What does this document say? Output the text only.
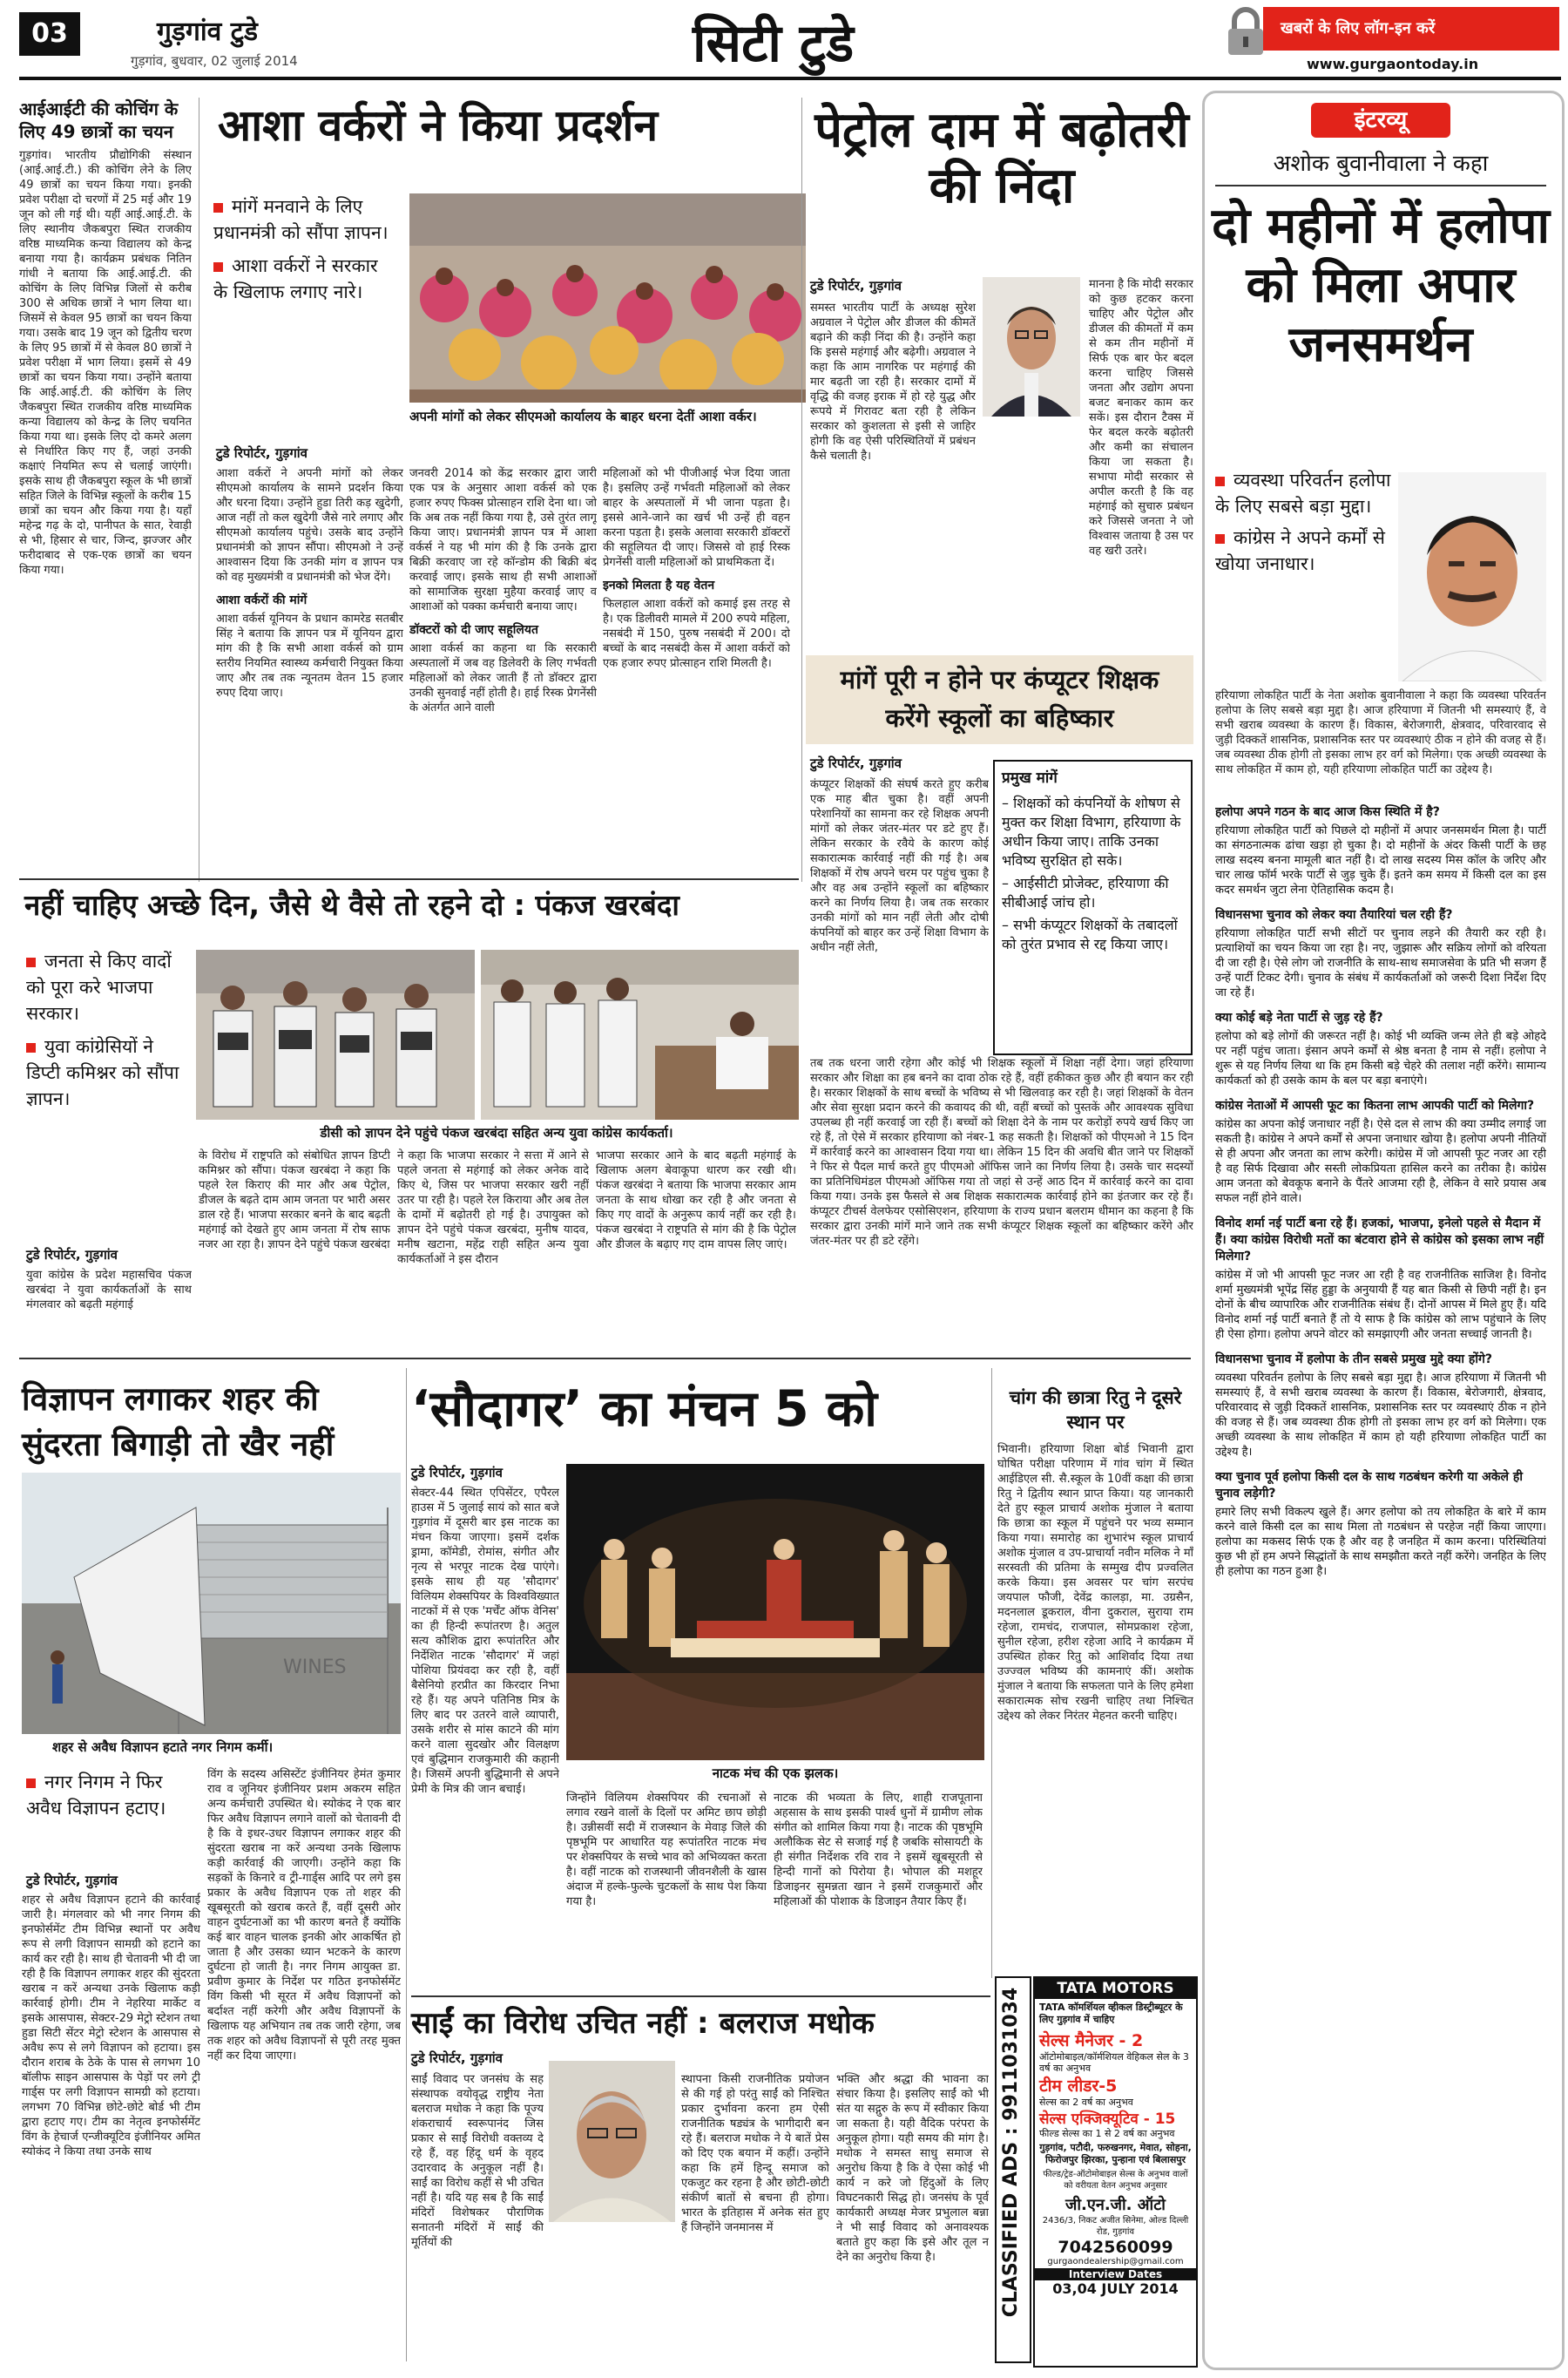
03	गुड़गांव टुडे
गुड़गांव, बुधवार, 02 जुलाई 2014	सिटी टुडे	खबरों के लिए लॉग-इन करें
www.gurgaontoday.in
आईआईटी की कोचिंग के लिए 49 छात्रों का चयन
गुड़गांव। भारतीय प्रौद्योगिकी संस्थान (आई.आई.टी.) की कोचिंग लेने के लिए 49 छात्रों का चयन किया गया। इनकी प्रवेश परीक्षा दो चरणों में 25 मई और 19 जून को ली गई थी। यहीं आई.आई.टी. के लिए स्थानीय जैकबपुरा स्थित राजकीय वरिष्ठ माध्यमिक कन्या विद्यालय को केन्द्र बनाया गया है। कार्यक्रम प्रबंधक नितिन गांधी ने बताया कि आई.आई.टी. की कोचिंग के लिए विभिन्न जिलों से करीब 300 से अधिक छात्रों ने भाग लिया था। जिसमें से केवल 95 छात्रों का चयन किया गया। उसके बाद 19 जून को द्वितीय चरण के लिए 95 छात्रों में से केवल 80 छात्रों ने प्रवेश परीक्षा में भाग लिया। इसमें से 49 छात्रों का चयन किया गया। उन्होंने बताया कि आई.आई.टी. की कोचिंग के लिए जैकबपुरा स्थित राजकीय वरिष्ठ माध्यमिक कन्या विद्यालय को केन्द्र के लिए चयनित किया गया था। इसके लिए दो कमरे अलग से निर्धारित किए गए हैं, जहां उनकी कक्षाएं नियमित रूप से चलाई जाएंगी। इसके साथ ही जैकबपुरा स्कूल के भी छात्रों सहित जिले के विभिन्न स्कूलों के करीब 15 छात्रों का चयन और किया गया है। यहाँ महेन्द्र गढ़ के दो, पानीपत के सात, रेवाड़ी से भी, हिसार से चार, जिन्द, झज्जर और फरीदाबाद से एक-एक छात्रों का चयन किया गया।
आशा वर्करों ने किया प्रदर्शन
मांगें मनवाने के लिए प्रधानमंत्री को सौंपा ज्ञापन।
आशा वर्करों ने सरकार के खिलाफ लगाए नारे।
अपनी मांगों को लेकर सीएमओ कार्यालय के बाहर धरना देतीं आशा वर्कर।
टुडे रिपोर्टर, गुड़गांव
आशा वर्करों ने अपनी मांगों को लेकर सीएमओ कार्यालय के सामने प्रदर्शन किया और धरना दिया। उन्होंने हुडा तिरी कड़ खुदेगी, आज नहीं तो कल खुदेगी जैसे नारे लगाए और सीएमओ कार्यालय पहुंचे। उसके बाद उन्होंने प्रधानमंत्री को ज्ञापन सौंपा। सीएमओ ने उन्हें आश्वासन दिया कि उनकी मांग व ज्ञापन पत्र को वह मुख्यमंत्री व प्रधानमंत्री को भेज देंगे।
आशा वर्करों की मांगें
आशा वर्कर्स यूनियन के प्रधान कामरेड सतबीर सिंह ने बताया कि ज्ञापन पत्र में यूनियन द्वारा मांग की है कि सभी आशा वर्कर्स को ग्राम स्तरीय नियमित स्वास्थ्य कर्मचारी नियुक्त किया जाए और तब तक न्यूनतम वेतन 15 हजार रुपए दिया जाए।
जनवरी 2014 को केंद्र सरकार द्वारा जारी एक पत्र के अनुसार आशा वर्कर्स को एक हजार रुपए फिक्स प्रोत्साहन राशि देना था। जो कि अब तक नहीं किया गया है, उसे तुरंत लागू किया जाए। प्रधानमंत्री ज्ञापन पत्र में आशा वर्कर्स ने यह भी मांग की है कि उनके द्वारा बिक्री करवाए जा रहे कॉन्डोम की बिक्री बंद करवाई जाए। इसके साथ ही सभी आशाओं को सामाजिक सुरक्षा मुहैया करवाई जाए व आशाओं को पक्का कर्मचारी बनाया जाए।
डॉक्टरों को दी जाए सहूलियत
आशा वर्कर्स का कहना था कि सरकारी अस्पतालों में जब वह डिलेवरी के लिए गर्भवती महिलाओं को लेकर जाती हैं तो डॉक्टर द्वारा उनकी सुनवाई नहीं होती है। हाई रिस्क प्रेगनेंसी के अंतर्गत आने वाली
महिलाओं को भी पीजीआई भेज दिया जाता है। इसलिए उन्हें गर्भवती महिलाओं को लेकर बाहर के अस्पतालों में भी जाना पड़ता है। इससे आने-जाने का खर्च भी उन्हें ही वहन करना पड़ता है। इसके अलावा सरकारी डॉक्टरों की सहूलियत दी जाए। जिससे वो हाई रिस्क प्रेगनेंसी वाली महिलाओं को प्राथमिकता दें।
इनको मिलता है यह वेतन
फिलहाल आशा वर्करों को कमाई इस तरह से है। एक डिलीवरी मामले में 200 रुपये महिला, नसबंदी में 150, पुरुष नसबंदी में 200। दो बच्चों के बाद नसबंदी केस में आशा वर्करों को एक हजार रुपए प्रोत्साहन राशि मिलती है।
पेट्रोल दाम में बढ़ोतरी की निंदा
टुडे रिपोर्टर, गुड़गांव
समस्त भारतीय पार्टी के अध्यक्ष सुरेश अग्रवाल ने पेट्रोल और डीजल की कीमतें बढ़ाने की कड़ी निंदा की है। उन्होंने कहा कि इससे महंगाई और बढ़ेगी। अग्रवाल ने कहा कि आम नागरिक पर महंगाई की मार बढ़ती जा रही है। सरकार दामों में वृद्धि की वजह इराक में हो रहे युद्ध और रूपये में गिरावट बता रही है लेकिन सरकार को कुशलता से इसी से जाहिर होगी कि वह ऐसी परिस्थितियों में प्रबंधन कैसे चलाती है।
मानना है कि मोदी सरकार को कुछ हटकर करना चाहिए और पेट्रोल और डीजल की कीमतों में कम से कम तीन महीनों में सिर्फ एक बार फेर बदल करना चाहिए जिससे जनता और उद्योग अपना बजट बनाकर काम कर सकें। इस दौरान टैक्स में फेर बदल करके बढ़ोतरी और कमी का संचालन किया जा सकता है। सभापा मोदी सरकार से अपील करती है कि वह महंगाई को सुचारु प्रबंधन करे जिससे जनता ने जो विश्वास जताया है उस पर वह खरी उतरे।
मांगें पूरी न होने पर कंप्यूटर शिक्षक करेंगे स्कूलों का बहिष्कार
टुडे रिपोर्टर, गुड़गांव
कंप्यूटर शिक्षकों की संघर्ष करते हुए करीब एक माह बीत चुका है। वहीं अपनी परेशानियों का सामना कर रहे शिक्षक अपनी मांगों को लेकर जंतर-मंतर पर डटे हुए हैं। लेकिन सरकार के रवैये के कारण कोई सकारात्मक कार्रवाई नहीं की गई है। अब शिक्षकों में रोष अपने चरम पर पहुंच चुका है और वह अब उन्होंने स्कूलों का बहिष्कार करने का निर्णय लिया है। जब तक सरकार उनकी मांगों को मान नहीं लेती और दोषी कंपनियों को बाहर कर उन्हें शिक्षा विभाग के अधीन नहीं लेती,
प्रमुख मांगें
– शिक्षकों को कंपनियों के शोषण से मुक्त कर शिक्षा विभाग, हरियाणा के अधीन किया जाए। ताकि उनका भविष्य सुरक्षित हो सके।
– आईसीटी प्रोजेक्ट, हरियाणा की सीबीआई जांच हो।
– सभी कंप्यूटर शिक्षकों के तबादलों को तुरंत प्रभाव से रद्द किया जाए।
तब तक धरना जारी रहेगा और कोई भी शिक्षक स्कूलों में शिक्षा नहीं देगा। जहां हरियाणा सरकार और शिक्षा का हब बनने का दावा ठोक रहे हैं, वहीं हकीकत कुछ और ही बयान कर रही है। सरकार शिक्षकों के साथ बच्चों के भविष्य से भी खिलवाड़ कर रही है। जहां शिक्षकों के वेतन और सेवा सुरक्षा प्रदान करने की कवायद की थी, वहीं बच्चों को पुस्तकें और आवश्यक सुविधा उपलब्ध ही नहीं करवाई जा रही हैं। बच्चों को शिक्षा देने के नाम पर करोड़ों रुपये खर्च किए जा रहे हैं, तो ऐसे में सरकार हरियाणा को नंबर-1 कह सकती है। शिक्षकों को पीएमओ ने 15 दिन में कार्रवाई करने का आश्वासन दिया गया था। लेकिन 15 दिन की अवधि बीत जाने पर शिक्षकों ने फिर से पैदल मार्च करते हुए पीएमओ ऑफिस जाने का निर्णय लिया है। उसके चार सदस्यों का प्रतिनिधिमंडल पीएमओ ऑफिस गया तो जहां से उन्हें आठ दिन में कार्रवाई करने का दावा किया गया। उनके इस फैसले से अब शिक्षक सकारात्मक कार्रवाई होने का इंतजार कर रहे हैं। कंप्यूटर टीचर्स वेलफेयर एसोसिएशन, हरियाणा के राज्य प्रधान बलराम धीमान का कहना है कि सरकार द्वारा उनकी मांगें माने जाने तक सभी कंप्यूटर शिक्षक स्कूलों का बहिष्कार करेंगे और जंतर-मंतर पर ही डटे रहेंगे।
इंटरव्यू
अशोक बुवानीवाला ने कहा
दो महीनों में हलोपा को मिला अपार जनसमर्थन
व्यवस्था परिवर्तन हलोपा के लिए सबसे बड़ा मुद्दा।
कांग्रेस ने अपने कर्मों से खोया जनाधार।
हरियाणा लोकहित पार्टी के नेता अशोक बुवानीवाला ने कहा कि व्यवस्था परिवर्तन हलोपा के लिए सबसे बड़ा मुद्दा है। आज हरियाणा में जितनी भी समस्याएं हैं, वे सभी खराब व्यवस्था के कारण हैं। विकास, बेरोजगारी, क्षेत्रवाद, परिवारवाद से जुड़ी दिक्कतें शासनिक, प्रशासनिक स्तर पर व्यवस्थाएं ठीक न होने की वजह से हैं। जब व्यवस्था ठीक होगी तो इसका लाभ हर वर्ग को मिलेगा। एक अच्छी व्यवस्था के साथ लोकहित में काम हो, यही हरियाणा लोकहित पार्टी का उद्देश्य है।
हलोपा अपने गठन के बाद आज किस स्थिति में है?

हरियाणा लोकहित पार्टी को पिछले दो महीनों में अपार जनसमर्थन मिला है। पार्टी का संगठनात्मक ढांचा खड़ा हो चुका है। दो महीनों के अंदर किसी पार्टी के छह लाख सदस्य बनना मामूली बात नहीं है। दो लाख सदस्य मिस कॉल के जरिए और चार लाख फॉर्म भरके पार्टी से जुड़ चुके हैं। इतने कम समय में किसी दल का इस कदर समर्थन जुटा लेना ऐतिहासिक कदम है।

विधानसभा चुनाव को लेकर क्या तैयारियां चल रही हैं?

हरियाणा लोकहित पार्टी सभी सीटों पर चुनाव लड़ने की तैयारी कर रही है। प्रत्याशियों का चयन किया जा रहा है। नए, जुझारू और सक्रिय लोगों को वरियता दी जा रही है। ऐसे लोग जो राजनीति के साथ-साथ समाजसेवा के प्रति भी सजग हैं उन्हें पार्टी टिकट देगी। चुनाव के संबंध में कार्यकर्ताओं को जरूरी दिशा निर्देश दिए जा रहे हैं।

क्या कोई बड़े नेता पार्टी से जुड़ रहे हैं?

हलोपा को बड़े लोगों की जरूरत नहीं है। कोई भी व्यक्ति जन्म लेते ही बड़े ओहदे पर नहीं पहुंच जाता। इंसान अपने कर्मों से श्रेष्ठ बनता है नाम से नहीं। हलोपा ने शुरू से यह निर्णय लिया था कि हम किसी बड़े चेहरे की तलाश नहीं करेंगे। सामान्य कार्यकर्ता को ही उसके काम के बल पर बड़ा बनाएंगे।

कांग्रेस नेताओं में आपसी फूट का कितना लाभ आपकी पार्टी को मिलेगा?

कांग्रेस का अपना कोई जनाधार नहीं है। ऐसे दल से लाभ की क्या उम्मीद लगाई जा सकती है। कांग्रेस ने अपने कर्मों से अपना जनाधार खोया है। हलोपा अपनी नीतियों से ही अपना और जनता का लाभ करेगी। कांग्रेस में जो आपसी फूट नजर आ रही है वह सिर्फ दिखावा और सस्ती लोकप्रियता हासिल करने का तरीका है। कांग्रेस आम जनता को बेवकूफ बनाने के पैंतरे आजमा रही है, लेकिन वे सारे प्रयास अब सफल नहीं होने वाले।

विनोद शर्मा नई पार्टी बना रहे हैं। हजकां, भाजपा, इनेलो पहले से मैदान में हैं। क्या कांग्रेस विरोधी मतों का बंटवारा होने से कांग्रेस को इसका लाभ नहीं मिलेगा?

कांग्रेस में जो भी आपसी फूट नजर आ रही है वह राजनीतिक साजिश है। विनोद शर्मा मुख्यमंत्री भूपेंद्र सिंह हुड्डा के अनुयायी हैं यह बात किसी से छिपी नहीं है। इन दोनों के बीच व्यापारिक और राजनीतिक संबंध हैं। दोनों आपस में मिले हुए हैं। यदि विनोद शर्मा नई पार्टी बनाते हैं तो ये साफ है कि कांग्रेस को लाभ पहुंचाने के लिए ही ऐसा होगा। हलोपा अपने वोटर को समझाएगी और जनता सच्चाई जानती है।

विधानसभा चुनाव में हलोपा के तीन सबसे प्रमुख मुद्दे क्या होंगे?

व्यवस्था परिवर्तन हलोपा के लिए सबसे बड़ा मुद्दा है। आज हरियाणा में जितनी भी समस्याएं हैं, वे सभी खराब व्यवस्था के कारण हैं। विकास, बेरोजगारी, क्षेत्रवाद, परिवारवाद से जुड़ी दिक्कतें शासनिक, प्रशासनिक स्तर पर व्यवस्थाएं ठीक न होने की वजह से हैं। जब व्यवस्था ठीक होगी तो इसका लाभ हर वर्ग को मिलेगा। एक अच्छी व्यवस्था के साथ लोकहित में काम हो यही हरियाणा लोकहित पार्टी का उद्देश्य है।

क्या चुनाव पूर्व हलोपा किसी दल के साथ गठबंधन करेगी या अकेले ही चुनाव लड़ेगी?

हमारे लिए सभी विकल्प खुले हैं। अगर हलोपा को तय लोकहित के बारे में काम करने वाले किसी दल का साथ मिला तो गठबंधन से परहेज नहीं किया जाएगा। हलोपा का मकसद सिर्फ एक है और वह है जनहित में काम करना। परिस्थितियां कुछ भी हों हम अपने सिद्धांतों के साथ समझौता करते नहीं करेंगे। जनहित के लिए ही हलोपा का गठन हुआ है।

नहीं चाहिए अच्छे दिन, जैसे थे वैसे तो रहने दो : पंकज खरबंदा
जनता से किए वादों को पूरा करे भाजपा सरकार।
युवा कांग्रेसियों ने डिप्टी कमिश्नर को सौंपा ज्ञापन।
डीसी को ज्ञापन देने पहुंचे पंकज खरबंदा सहित अन्य युवा कांग्रेस कार्यकर्ता।
टुडे रिपोर्टर, गुड़गांव
युवा कांग्रेस के प्रदेश महासचिव पंकज खरबंदा ने युवा कार्यकर्ताओं के साथ मंगलवार को बढ़ती महंगाई
के विरोध में राष्ट्रपति को संबोधित ज्ञापन डिप्टी कमिश्नर को सौंपा। पंकज खरबंदा ने कहा कि पहले रेल किराए की मार और अब पेट्रोल, डीजल के बढ़ते दाम आम जनता पर भारी असर डाल रहे हैं। भाजपा सरकार बनने के बाद बढ़ती महंगाई को देखते हुए आम जनता में रोष साफ नजर आ रहा है। ज्ञापन देने पहुंचे पंकज खरबंदा
ने कहा कि भाजपा सरकार ने सत्ता में आने से पहले जनता से महंगाई को लेकर अनेक वादे किए थे, जिस पर भाजपा सरकार खरी नहीं उतर पा रही है। पहले रेल किराया और अब तेल के दामों में बढ़ोतरी हो गई है। उपायुक्त को ज्ञापन देने पहुंचे पंकज खरबंदा, मुनीष यादव, मनीष खटाना, महेंद्र राही सहित अन्य युवा कार्यकर्ताओं ने इस दौरान
भाजपा सरकार आने के बाद बढ़ती महंगाई के खिलाफ अलग बेवाकूपा धारण कर रखी थी। पंकज खरबंदा ने बताया कि भाजपा सरकार आम जनता के साथ धोखा कर रही है और जनता से किए गए वादों के अनुरूप कार्य नहीं कर रही है। पंकज खरबंदा ने राष्ट्रपति से मांग की है कि पेट्रोल और डीजल के बढ़ाए गए दाम वापस लिए जाएं।
विज्ञापन लगाकर शहर की सुंदरता बिगाड़ी तो खैर नहीं
WINES
शहर से अवैध विज्ञापन हटाते नगर निगम कर्मी।
नगर निगम ने फिर अवैध विज्ञापन हटाए।
टुडे रिपोर्टर, गुड़गांव
शहर से अवैध विज्ञापन हटाने की कार्रवाई जारी है। मंगलवार को भी नगर निगम की इनफोर्समेंट टीम विभिन्न स्थानों पर अवैध रूप से लगी विज्ञापन सामग्री को हटाने का कार्य कर रही है। साथ ही चेतावनी भी दी जा रही है कि विज्ञापन लगाकर शहर की सुंदरता खराब न करें अन्यथा उनके खिलाफ कड़ी कार्रवाई होगी। टीम ने नेहरिया मार्केट व इसके आसपास, सेक्टर-29 मेट्रो स्टेशन तथा हुडा सिटी सेंटर मेट्रो स्टेशन के आसपास से अवैध रूप से लगे विज्ञापन को हटाया। इस दौरान शराब के ठेके के पास से लगभग 10 बॉलीफ साइन आसपास के पेड़ों पर लगे ट्री गार्ड्स पर लगी विज्ञापन सामग्री को हटाया। लगभग 70 विभिन्न छोटे-छोटे बोर्ड भी टीम द्वारा हटाए गए। टीम का नेतृत्व इनफोर्समेंट विंग के हेचार्ज एन्जीक्यूटिव इंजीनियर अमित स्योकंद ने किया तथा उनके साथ
विंग के सदस्य असिस्टेंट इंजीनियर हेमंत कुमार राव व जूनियर इंजीनियर प्रशम अकरम सहित अन्य कर्मचारी उपस्थित थे। स्योकंद ने एक बार फिर अवैध विज्ञापन लगाने वालों को चेतावनी दी है कि वे इधर-उधर विज्ञापन लगाकर शहर की सुंदरता खराब ना करें अन्यथा उनके खिलाफ कड़ी कार्रवाई की जाएगी। उन्होंने कहा कि सड़कों के किनारे व ट्री-गार्ड्स आदि पर लगे इस प्रकार के अवैध विज्ञापन एक तो शहर की खूबसूरती को खराब करते हैं, वहीं दूसरी ओर वाहन दुर्घटनाओं का भी कारण बनते हैं क्योंकि कई बार वाहन चालक इनकी ओर आकर्षित हो जाता है और उसका ध्यान भटकने के कारण दुर्घटना हो जाती है। नगर निगम आयुक्त डा. प्रवीण कुमार के निर्देश पर गठित इनफोर्समेंट विंग किसी भी सूरत में अवैध विज्ञापनों को बर्दाश्त नहीं करेगी और अवैध विज्ञापनों के खिलाफ यह अभियान तब तक जारी रहेगा, जब तक शहर को अवैध विज्ञापनों से पूरी तरह मुक्त नहीं कर दिया जाएगा।
‘सौदागर’ का मंचन 5 को
टुडे रिपोर्टर, गुड़गांव
सेक्टर-44 स्थित एपिसेंटर, एपैरल हाउस में 5 जुलाई सायं को सात बजे गुड़गांव में दूसरी बार इस नाटक का मंचन किया जाएगा। इसमें दर्शक ड्रामा, कॉमेडी, रोमांस, संगीत और नृत्य से भरपूर नाटक देख पाएंगे। इसके साथ ही यह 'सौदागर' विलियम शेक्सपियर के विश्वविख्यात नाटकों में से एक 'मर्चेंट ऑफ वेनिस' का ही हिन्दी रूपांतरण है। अतुल सत्य कौशिक द्वारा रूपांतरित और निर्देशित नाटक 'सौदागर' में जहां पोशिया प्रियंवदा कर रही है, वहीं बैसेनियो हरप्रीत का किरदार निभा रहे हैं। यह अपने पतिनिष्ठ मित्र के लिए बाद पर उतरने वाले व्यापारी, उसके शरीर से मांस काटने की मांग करने वाला सुदखोर और विलक्षण एवं बुद्धिमान राजकुमारी की कहानी है। जिसमें अपनी बुद्धिमानी से अपने प्रेमी के मित्र की जान बचाई।
नाटक मंच की एक झलक।
जिन्होंने विलियम शेक्सपियर की रचनाओं से लगाव रखने वालों के दिलों पर अमिट छाप छोड़ी है। उन्नीसवीं सदी में राजस्थान के मेवाड़ जिले की पृष्ठभूमि पर आधारित यह रूपांतरित नाटक मंच पर शेक्सपियर के सच्चे भाव को अभिव्यक्त करता है। वहीं नाटक को राजस्थानी जीवनशैली के खास अंदाज में हल्के-फुल्के चुटकलों के साथ पेश किया गया है।
नाटक की भव्यता के लिए, शाही राजपूताना अहसास के साथ इसकी पार्श्व धुनों में ग्रामीण लोक संगीत को शामिल किया गया है। नाटक की पृष्ठभूमि अलौकिक सेट से सजाई गई है जबकि सोसायटी के ही संगीत निर्देशक रवि राव ने इसमें खूबसूरती से हिन्दी गानों को पिरोया है। भोपाल की मशहूर डिजाइनर सुमन्नता खान ने इसमें राजकुमारों और महिलाओं की पोशाक के डिजाइन तैयार किए हैं।
चांग की छात्रा रितु ने दूसरे स्थान पर
भिवानी। हरियाणा शिक्षा बोर्ड भिवानी द्वारा घोषित परीक्षा परिणाम में गांव चांग में स्थित आईडिएल सी. सै.स्कूल के 10वीं कक्षा की छात्रा रितु ने द्वितीय स्थान प्राप्त किया। यह जानकारी देते हुए स्कूल प्राचार्य अशोक मुंजाल ने बताया कि छात्रा का स्कूल में पहुंचने पर भव्य सम्मान किया गया। समारोह का शुभारंभ स्कूल प्राचार्य अशोक मुंजाल व उप-प्राचार्या नवीन मलिक ने माँ सरस्वती की प्रतिमा के सम्मुख दीप प्रज्वलित करके किया। इस अवसर पर चांग सरपंच जयपाल फौजी, देवेंद्र कालड़ा, मा. उग्रसैन, मदनलाल डूकराल, वीना दुकराल, सुराया राम रहेजा, रामचंद, राजपाल, सोमप्रकाश रहेजा, सुनील रहेजा, हरीश रहेजा आदि ने कार्यक्रम में उपस्थित होकर रितु को आशिर्वाद दिया तथा उज्ज्वल भविष्य की कामनाएं कीं। अशोक मुंजाल ने बताया कि सफलता पाने के लिए हमेशा सकारात्मक सोच रखनी चाहिए तथा निश्चित उद्देश्य को लेकर निरंतर मेहनत करनी चाहिए।
साईं का विरोध उचित नहीं : बलराज मधोक
टुडे रिपोर्टर, गुड़गांव
साईं विवाद पर जनसंघ के सह संस्थापक वयोवृद्ध राष्ट्रीय नेता बलराज मधोक ने कहा कि पूज्य शंकराचार्य स्वरूपानंद जिस प्रकार से साईं विरोधी वक्तव्य दे रहे हैं, वह हिंदू धर्म के वृहद उदारवाद के अनुकूल नहीं है। साईं का विरोध कहीं से भी उचित नहीं है। यदि यह सब है कि साईं मंदिरों विशेषकर पौराणिक सनातनी मंदिरों में साईं की मूर्तियों की
स्थापना किसी राजनीतिक प्रयोजन से की गई हो परंतु साईं को निश्चित प्रकार दुर्भावना करना हम ऐसी राजनीतिक षड्यंत्र के भागीदारी बन रहे हैं। बलराज मधोक ने ये बातें प्रेस को दिए एक बयान में कहीं। उन्होंने कहा कि हमें हिन्दू समाज को एकजुट कर रहना है और छोटी-छोटी संकीर्ण बातों से बचना ही होगा। भारत के इतिहास में अनेक संत हुए हैं जिन्होंने जनमानस में
भक्ति और श्रद्धा की भावना का संचार किया है। इसलिए साईं को भी संत या सद्गुरु के रूप में स्वीकार किया जा सकता है। यही वैदिक परंपरा के अनुकूल होगा। यही समय की मांग है। मधोक ने समस्त साधु समाज से अनुरोध किया है कि वे ऐसा कोई भी कार्य न करे जो हिंदुओं के लिए विघटनकारी सिद्ध हो। जनसंघ के पूर्व कार्यकारी अध्यक्ष मेजर प्रभुलाल बन्ना ने भी साईं विवाद को अनावश्यक बताते हुए कहा कि इसे और तूल न देने का अनुरोध किया है।	CLASSIFIED ADS : 9911031034	TATA MOTORS
TATA कॉमर्शियल व्हीकल डिस्ट्रीब्यूटर के लिए गुड़गांव में चाहिए
सेल्स मैनेजर - 2
ऑटोमोबाइल/कॉर्मशियल वेहिकल सेल के 3 वर्ष का अनुभव
टीम लीडर-5
सेल्स का 2 वर्ष का अनुभव
सेल्स एक्जिक्यूटिव - 15
फील्ड सेल्स का 1 से 2 वर्ष का अनुभव
गुड़गांव, पटौदी, फरुखनगर, मेवात, सोहना, फिरोजपुर झिरका, पुन्हाना एवं बिलासपुर
फील्ड/ट्रेड-ऑटोमोबाइल सेल्स के अनुभव वालों को वरीयता वेतन अनुभव अनुसार
जी.एन.जी. ऑटो
2436/3, निकट अजीत सिनेमा, ओल्ड दिल्ली रोड, गुड़गांव
7042560099
gurgaondealership@gmail.com
Interview Dates
03,04 JULY 2014
